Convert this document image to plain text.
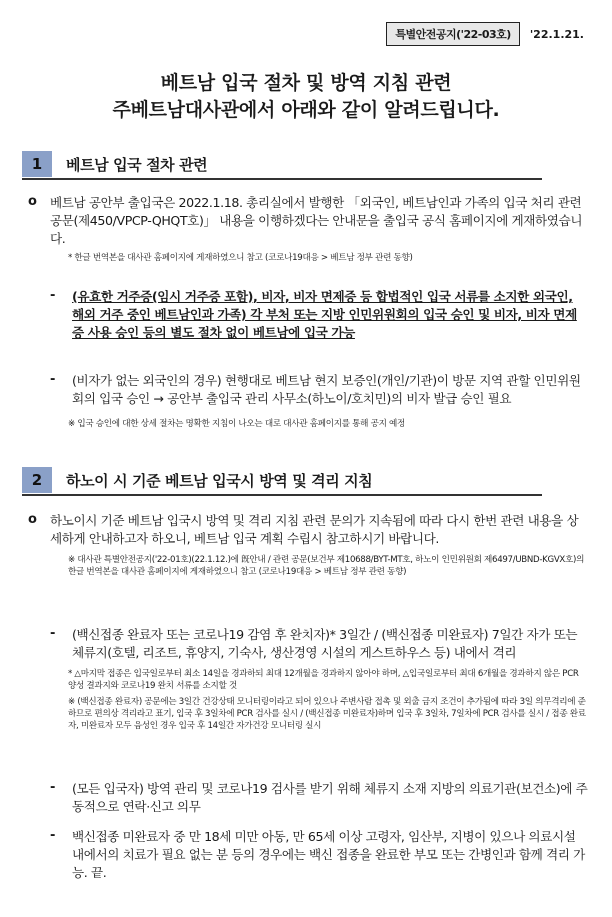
특별안전공지('22-03호)	'22.1.21.
베트남 입국 절차 및 방역 지침 관련
주베트남대사관에서 아래와 같이 알려드립니다.
1	베트남 입국 절차 관련
o	베트남 공안부 출입국은 2022.1.18. 총리실에서 발행한 「외국인, 베트남인과 가족의 입국 처리 관련 공문(제450/VPCP-QHQT호)」 내용을 이행하겠다는 안내문을 출입국 공식 홈페이지에 게재하였습니다.

* 한글 번역본을 대사관 홈페이지에 게재하였으니 참고 (코로나19대응 > 베트남 정부 관련 동향)

-	(유효한 거주증(임시 거주증 포함), 비자, 비자 면제증 등 합법적인 입국 서류를 소지한 외국인, 해외 거주 중인 베트남인과 가족) 각 부처 또는 지방 인민위원회의 입국 승인 및 비자, 비자 면제증 사용 승인 등의 별도 절차 없이 베트남에 입국 가능

-	(비자가 없는 외국인의 경우) 현행대로 베트남 현지 보증인(개인/기관)이 방문 지역 관할 인민위원회의 입국 승인 → 공안부 출입국 관리 사무소(하노이/호치민)의 비자 발급 승인 필요

※ 입국 승인에 대한 상세 절차는 명확한 지침이 나오는 대로 대사관 홈페이지를 통해 공지 예정

2	하노이 시 기준 베트남 입국시 방역 및 격리 지침
o	하노이시 기준 베트남 입국시 방역 및 격리 지침 관련 문의가 지속됨에 따라 다시 한번 관련 내용을 상세하게 안내하고자 하오니, 베트남 입국 계획 수립시 참고하시기 바랍니다.

※ 대사관 특별안전공지('22-01호)(22.1.12.)에 旣안내 / 관련 공문(보건부 제10688/BYT-MT호, 하노이 인민위원회 제6497/UBND-KGVX호)의 한글 번역본을 대사관 홈페이지에 게재하였으니 참고 (코로나19대응 > 베트남 정부 관련 동향)

-	(백신접종 완료자 또는 코로나19 감염 후 완치자)* 3일간 / (백신접종 미완료자) 7일간 자가 또는 체류지(호텔, 리조트, 휴양지, 기숙사, 생산경영 시설의 게스트하우스 등) 내에서 격리

* △마지막 접종은 입국일로부터 최소 14일을 경과하되 최대 12개월을 경과하지 않아야 하며, △입국일로부터 최대 6개월을 경과하지 않은 PCR 양성 결과지와 코로나19 완치 서류를 소지할 것

※ (백신접종 완료자) 공문에는 3일간 건강상태 모니터링이라고 되어 있으나 주변사람 접촉 및 외출 금지 조건이 추가됨에 따라 3일 의무격리에 준하므로 편의상 격리라고 표기, 입국 후 3일차에 PCR 검사를 실시 / (백신접종 미완료자)하며 입국 후 3일차, 7일차에 PCR 검사를 실시 / 접종 완료자, 미완료자 모두 음성인 경우 입국 후 14일간 자가건강 모니터링 실시

-	(모든 입국자) 방역 관리 및 코로나19 검사를 받기 위해 체류지 소재 지방의 의료기관(보건소)에 주동적으로 연락·신고 의무

-	백신접종 미완료자 중 만 18세 미만 아동, 만 65세 이상 고령자, 임산부, 지병이 있으나 의료시설 내에서의 치료가 필요 없는 분 등의 경우에는 백신 접종을 완료한 부모 또는 간병인과 함께 격리 가능. 끝.
